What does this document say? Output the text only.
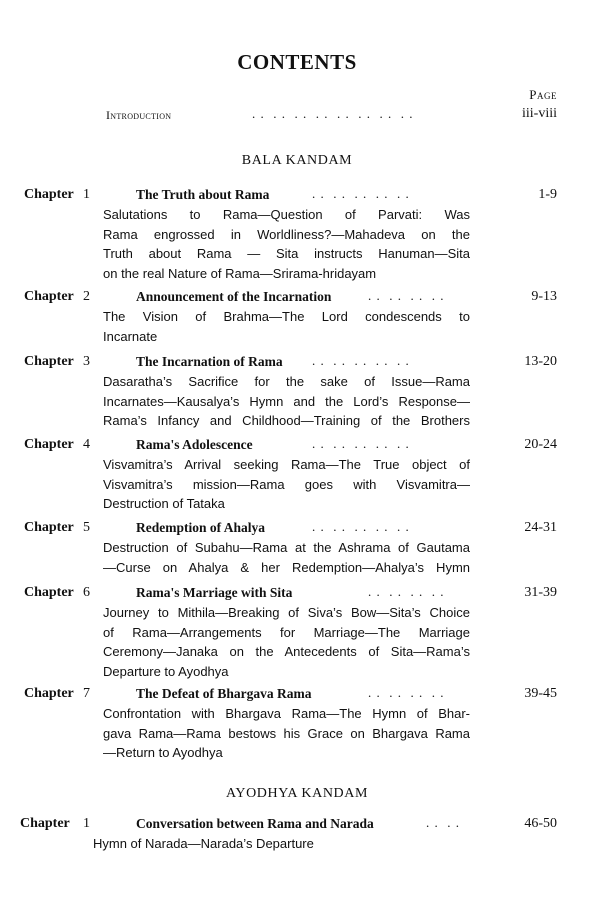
CONTENTS
Page
Introduction	. .  . .  . .  . .  . .  . .  . .  . .	iii-viii
BALA KANDAM
Chapter 1	The Truth about Rama	. .  . .  . .  . .  . .	1-9
Salutations to Rama—Question of Parvati: Was
Rama engrossed in Worldliness?—Mahadeva on the
Truth about Rama — Sita instructs Hanuman—Sita
on the real Nature of Rama—Srirama-hridayam
Chapter 2	Announcement of the Incarnation	. .  . .  . .  . .	9-13
The Vision of Brahma—The Lord condescends to
Incarnate
Chapter 3	The Incarnation of Rama . .  . .  . .  . .  . .	13-20
Dasaratha’s Sacrifice for the sake of Issue—Rama
Incarnates—Kausalya’s Hymn and the Lord’s Response—
Rama’s Infancy and Childhood—Training of the Brothers
Chapter 4	Rama's Adolescence	. .  . .  . .  . .  . .	20-24
Visvamitra’s Arrival seeking Rama—The True object of
Visvamitra’s mission—Rama goes with Visvamitra—
Destruction of Tataka
Chapter 5	Redemption of Ahalya	. .  . .  . .  . .  . .	24-31
Destruction of Subahu—Rama at the Ashrama of Gautama
—Curse on Ahalya & her Redemption—Ahalya’s Hymn
Chapter 6	Rama's Marriage with Sita	. .  . .  . .  . .	31-39
Journey to Mithila—Breaking of Siva’s Bow—Sita’s Choice
of Rama—Arrangements for Marriage—The Marriage
Ceremony—Janaka on the Antecedents of Sita—Rama’s
Departure to Ayodhya
Chapter 7	The Defeat of Bhargava Rama	. .  . .  . .  . .	39-45
Confrontation with Bhargava Rama—The Hymn of Bhar-
gava Rama—Rama bestows his Grace on Bhargava Rama
—Return to Ayodhya
AYODHYA KANDAM
Chapter 1	Conversation between Rama and Narada	. .  . .	46-50
Hymn of Narada—Narada’s Departure
